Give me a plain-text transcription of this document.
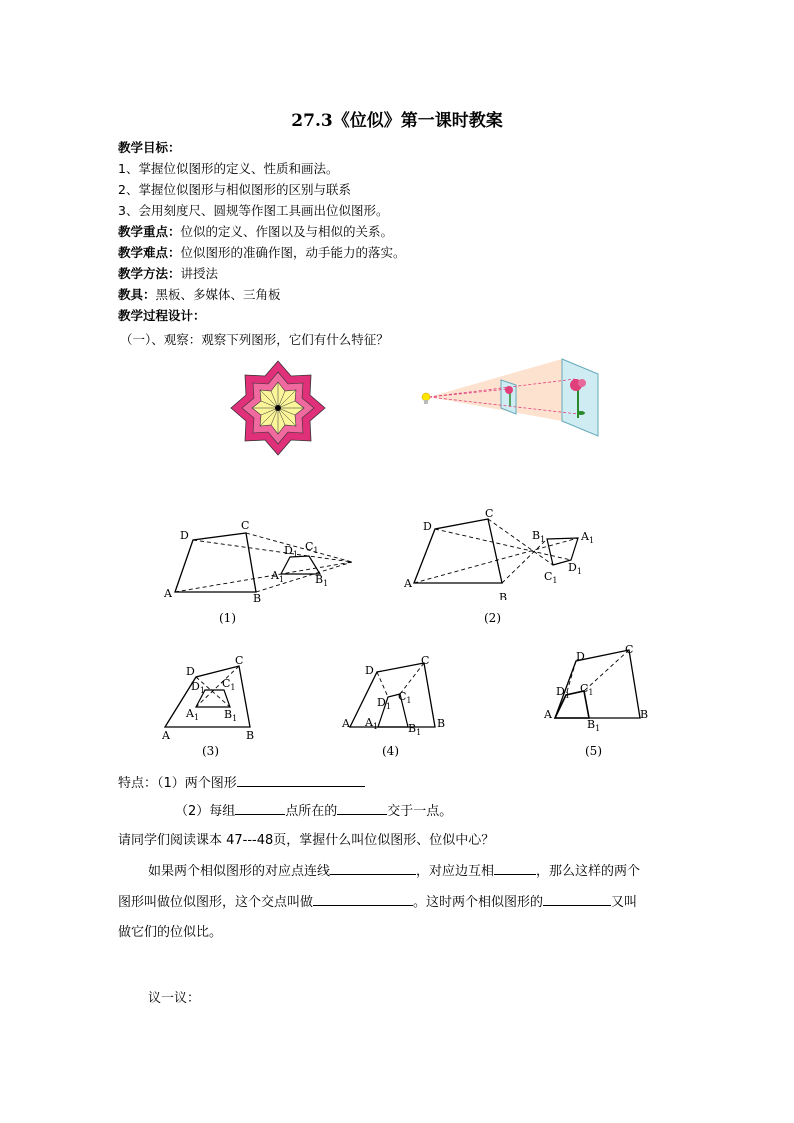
27.3《位似》第一课时教案
教学目标：
1、掌握位似图形的定义、性质和画法。
2、掌握位似图形与相似图形的区别与联系
3、会用刻度尺、圆规等作图工具画出位似图形。
教学重点：位似的定义、作图以及与相似的关系。
教学难点：位似图形的准确作图，动手能力的落实。
教学方法：讲授法
教具：黑板、多媒体、三角板
教学过程设计：
（一）、观察：观察下列图形，它们有什么特征？
A
D
C
B
$A_1$
$D_1$
$C_1$
$B_1$
(1)
A
D
C
B
$B_1$	$A_1$
$D_1$
$C_1$
(2)
A
D
C
B
$D_1$
$C_1$
$A_1$ $B_1$
(3)
A
D
C
B
$A_1$
$D_1$
$C_1$
$B_1$
(4)
A
D
C
B
$D_1$
$C_1$
$B_1$
(5)
特点：（1）两个图形
（2）每组	点所在的	交于一点。
请同学们阅读课本 47---48页，掌握什么叫位似图形、位似中心？
如果两个相似图形的对应点连线	，对应边互相	，那么这样的两个
图形叫做位似图形，这个交点叫做	。这时两个相似图形的	又叫
做它们的位似比。
议一议：
